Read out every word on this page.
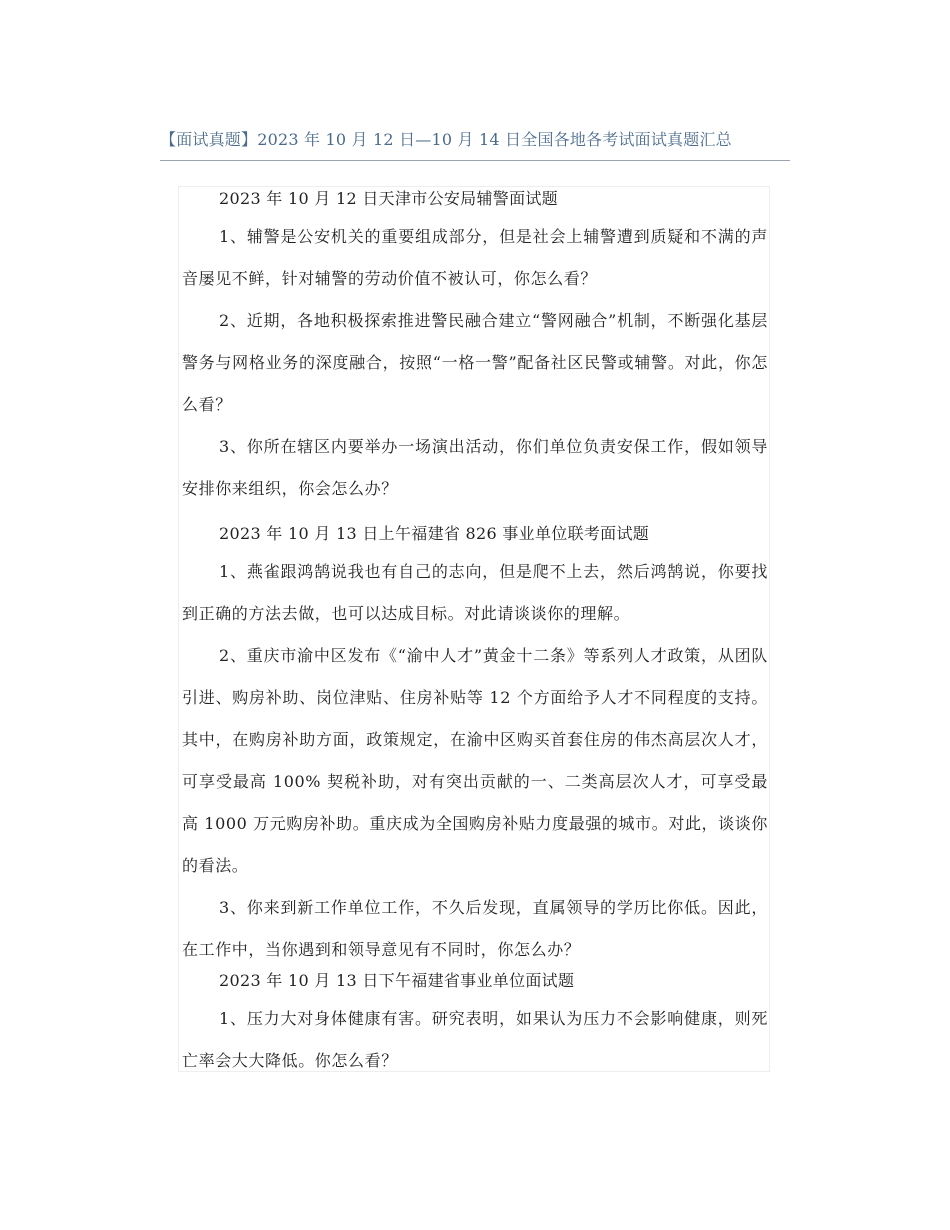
【面试真题】2023 年 10 月 12 日—10 月 14 日全国各地各考试面试真题汇总

2023 年 10 月 12 日天津市公安局辅警面试题

1、辅警是公安机关的重要组成部分，但是社会上辅警遭到质疑和不满的声音屡见不鲜，针对辅警的劳动价值不被认可，你怎么看？

2、近期，各地积极探索推进警民融合建立“警网融合”机制，不断强化基层警务与网格业务的深度融合，按照“一格一警”配备社区民警或辅警。对此，你怎么看？

3、你所在辖区内要举办一场演出活动，你们单位负责安保工作，假如领导安排你来组织，你会怎么办？

2023 年 10 月 13 日上午福建省 826 事业单位联考面试题

1、燕雀跟鸿鹄说我也有自己的志向，但是爬不上去，然后鸿鹄说，你要找到正确的方法去做，也可以达成目标。对此请谈谈你的理解。

2、重庆市渝中区发布《“渝中人才”黄金十二条》等系列人才政策，从团队引进、购房补助、岗位津贴、住房补贴等 12 个方面给予人才不同程度的支持。其中，在购房补助方面，政策规定，在渝中区购买首套住房的伟杰高层次人才，可享受最高 100% 契税补助，对有突出贡献的一、二类高层次人才，可享受最高 1000 万元购房补助。重庆成为全国购房补贴力度最强的城市。对此，谈谈你的看法。

3、你来到新工作单位工作，不久后发现，直属领导的学历比你低。因此，在工作中，当你遇到和领导意见有不同时，你怎么办？

2023 年 10 月 13 日下午福建省事业单位面试题

1、压力大对身体健康有害。研究表明，如果认为压力不会影响健康，则死亡率会大大降低。你怎么看？
